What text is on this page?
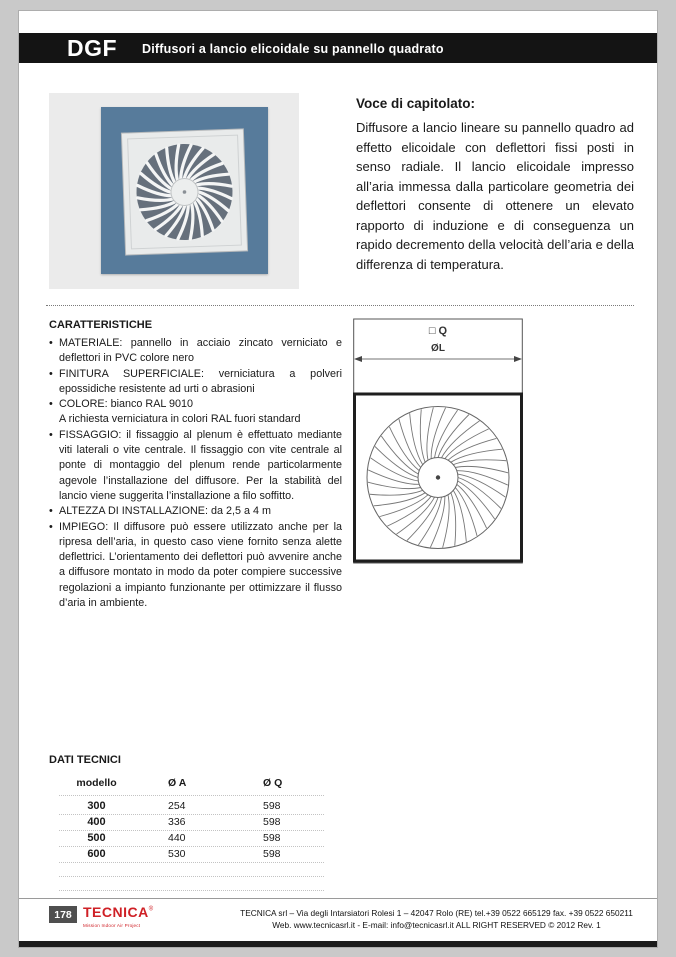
DGF Diffusori a lancio elicoidale su pannello quadrato
Voce di capitolato:

Diffusore a lancio lineare su pannello quadro ad effetto elicoidale con deflettori fissi posti in senso radiale. Il lancio elicoidale impresso all’aria immessa dalla particolare geometria dei deflettori consente di ottenere un elevato rapporto di induzione e di conseguenza un rapido decremento della velocità dell’aria e della differenza di temperatura.

CARATTERISTICHE
• MATERIALE: pannello in acciaio zincato verniciato e deflettori in PVC colore nero
• FINITURA SUPERFICIALE: verniciatura a polveri epossidiche resistente ad urti o abrasioni
• COLORE: bianco RAL 9010
A richiesta verniciatura in colori RAL fuori standard
• FISSAGGIO: il fissaggio al plenum è effettuato mediante viti laterali o vite centrale. Il fissaggio con vite centrale al ponte di montaggio del plenum rende particolarmente agevole l’installazione del diffusore. Per la stabilità del lancio viene suggerita l’installazione a filo soffitto.
• ALTEZZA DI INSTALLAZIONE: da 2,5 a 4 m
• IMPIEGO: Il diffusore può essere utilizzato anche per la ripresa dell’aria, in questo caso viene fornito senza alette deflettrici. L’orientamento dei deflettori può avvenire anche a diffusore montato in modo da poter compiere successive regolazioni a impianto funzionante per ottimizzare il flusso d’aria in ambiente.
□ Q
ØL
DATI TECNICI
modello	Ø A	Ø Q
300	254	598
400	336	598
500	440	598
600	530	598
178 TECNICA®
Mission Indoor Air Project
TECNICA srl – Via degli Intarsiatori Rolesi 1 – 42047 Rolo (RE) tel.+39 0522 665129 fax. +39 0522 650211
Web. www.tecnicasrl.it - E-mail: info@tecnicasrl.it ALL RIGHT RESERVED © 2012 Rev. 1
